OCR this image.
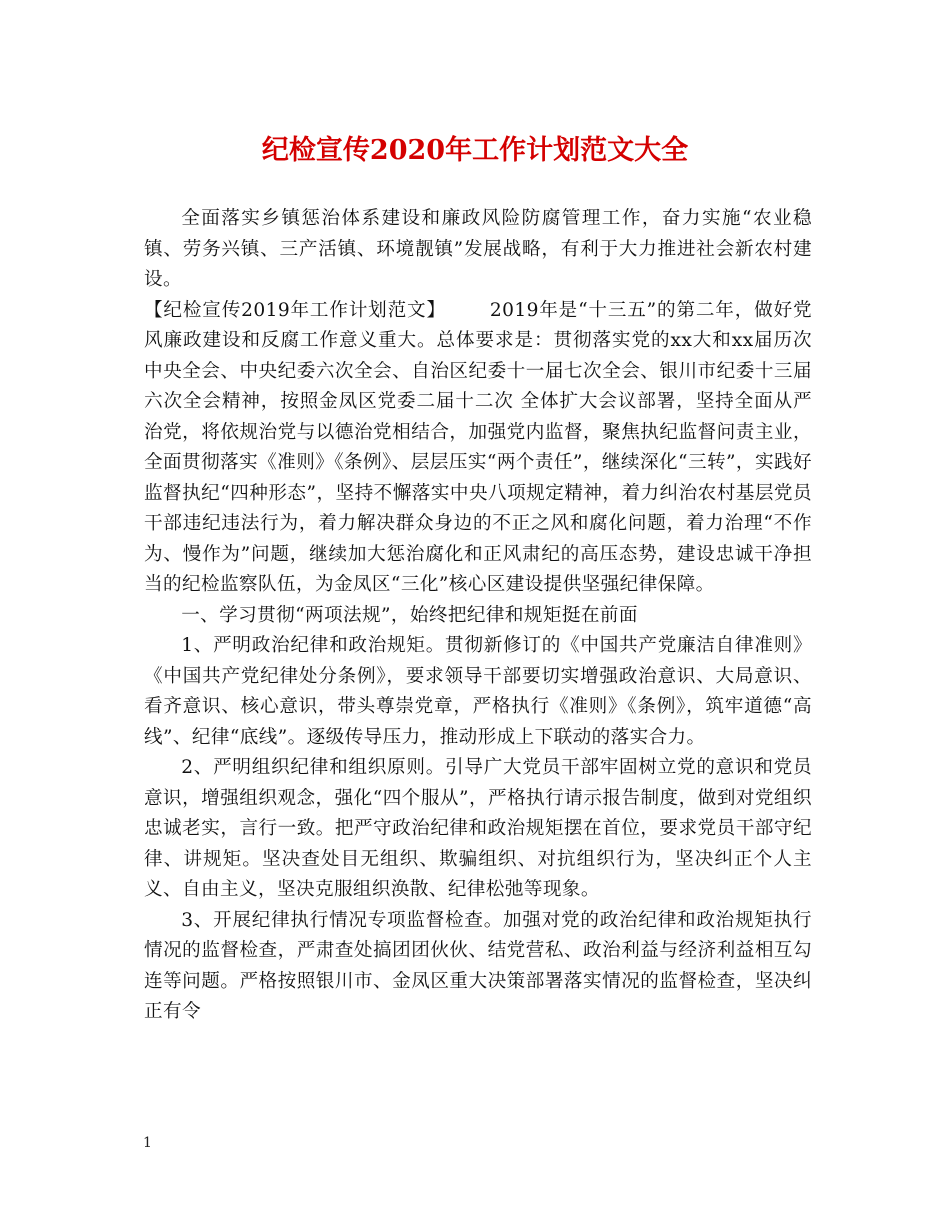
纪检宣传2020年工作计划范文大全

全面落实乡镇惩治体系建设和廉政风险防腐管理工作，奋力实施“农业稳镇、劳务兴镇、三产活镇、环境靓镇”发展战略，有利于大力推进社会新农村建设。

【纪检宣传2019年工作计划范文】 2019年是“十三五”的第二年，做好党风廉政建设和反腐工作意义重大。总体要求是：贯彻落实党的xx大和xx届历次中央全会、中央纪委六次全会、自治区纪委十一届七次全会、银川市纪委十三届六次全会精神，按照金凤区党委二届十二次 全体扩大会议部署，坚持全面从严治党，将依规治党与以德治党相结合，加强党内监督，聚焦执纪监督问责主业，全面贯彻落实《准则》《条例》、层层压实“两个责任”，继续深化“三转”，实践好监督执纪“四种形态”，坚持不懈落实中央八项规定精神，着力纠治农村基层党员干部违纪违法行为，着力解决群众身边的不正之风和腐化问题，着力治理“不作为、慢作为”问题，继续加大惩治腐化和正风肃纪的高压态势，建设忠诚干净担当的纪检监察队伍，为金凤区“三化”核心区建设提供坚强纪律保障。

一、学习贯彻“两项法规”，始终把纪律和规矩挺在前面

1、严明政治纪律和政治规矩。贯彻新修订的《中国共产党廉洁自律准则》《中国共产党纪律处分条例》，要求领导干部要切实增强政治意识、大局意识、看齐意识、核心意识，带头尊崇党章，严格执行《准则》《条例》，筑牢道德“高线”、纪律“底线”。逐级传导压力，推动形成上下联动的落实合力。

2、严明组织纪律和组织原则。引导广大党员干部牢固树立党的意识和党员意识，增强组织观念，强化“四个服从”，严格执行请示报告制度，做到对党组织忠诚老实，言行一致。把严守政治纪律和政治规矩摆在首位，要求党员干部守纪律、讲规矩。坚决查处目无组织、欺骗组织、对抗组织行为，坚决纠正个人主义、自由主义，坚决克服组织涣散、纪律松弛等现象。

3、开展纪律执行情况专项监督检查。加强对党的政治纪律和政治规矩执行情况的监督检查，严肃查处搞团团伙伙、结党营私、政治利益与经济利益相互勾连等问题。严格按照银川市、金凤区重大决策部署落实情况的监督检查，坚决纠正有令

1
